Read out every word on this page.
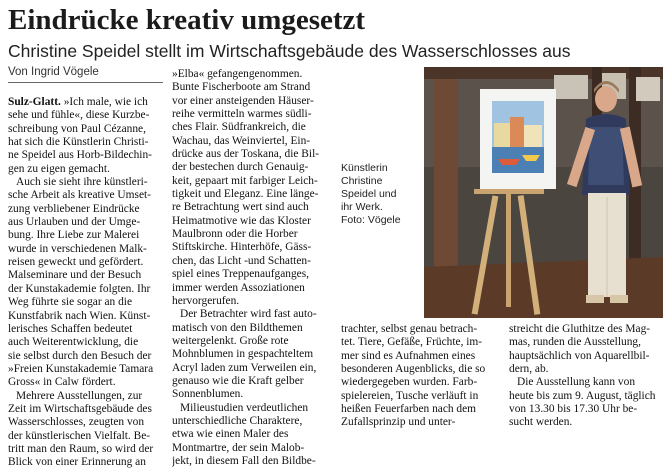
Eindrücke kreativ umgesetzt
Christine Speidel stellt im Wirtschaftsgebäude des Wasserschlosses aus
Von Ingrid Vögele
Sulz-Glatt. »Ich male, wie ich
sehe und fühle«, diese Kurzbe-
schreibung von Paul Cézanne,
hat sich die Künstlerin Christi-
ne Speidel aus Horb-Bildechin-
gen zu eigen gemacht.
Auch sie sieht ihre künstleri-
sche Arbeit als kreative Umset-
zung verbliebener Eindrücke
aus Urlauben und der Umge-
bung. Ihre Liebe zur Malerei
wurde in verschiedenen Malk-
reisen geweckt und gefördert.
Malseminare und der Besuch
der Kunstakademie folgten. Ihr
Weg führte sie sogar an die
Kunstfabrik nach Wien. Künst-
lerisches Schaffen bedeutet
auch Weiterentwicklung, die
sie selbst durch den Besuch der
»Freien Kunstakademie Tamara
Gross« in Calw fördert.
Mehrere Ausstellungen, zur
Zeit im Wirtschaftsgebäude des
Wasserschlosses, zeugten von
der künstlerischen Vielfalt. Be-
tritt man den Raum, so wird der
Blick von einer Erinnerung an
»Elba« gefangengenommen.
Bunte Fischerboote am Strand
vor einer ansteigenden Häuser-
reihe vermitteln warmes südli-
ches Flair. Südfrankreich, die
Wachau, das Weinviertel, Ein-
drücke aus der Toskana, die Bil-
der bestechen durch Genauig-
keit, gepaart mit farbiger Leich-
tigkeit und Eleganz. Eine länge-
re Betrachtung wert sind auch
Heimatmotive wie das Kloster
Maulbronn oder die Horber
Stiftskirche. Hinterhöfe, Gäss-
chen, das Licht -und Schatten-
spiel eines Treppenaufganges,
immer werden Assoziationen
hervorgerufen.
Der Betrachter wird fast auto-
matisch von den Bildthemen
weitergelenkt. Große rote
Mohnblumen in gespachteltem
Acryl laden zum Verweilen ein,
genauso wie die Kraft gelber
Sonnenblumen.
Milieustudien verdeutlichen
unterschiedliche Charaktere,
etwa wie einen Maler des
Montmartre, der sein Malob-
jekt, in diesem Fall den Bildbe-
trachter, selbst genau betrach-
tet. Tiere, Gefäße, Früchte, im-
mer sind es Aufnahmen eines
besonderen Augenblicks, die so
wiedergegeben wurden. Farb-
spielereien, Tusche verläuft in
heißen Feuerfarben nach dem
Zufallsprinzip und unter-
streicht die Gluthitze des Mag-
mas, runden die Ausstellung,
hauptsächlich von Aquarellbil-
dern, ab.
Die Ausstellung kann von
heute bis zum 9. August, täglich
von 13.30 bis 17.30 Uhr be-
sucht werden.
Künstlerin
Christine
Speidel und
ihr Werk.
Foto: Vögele
